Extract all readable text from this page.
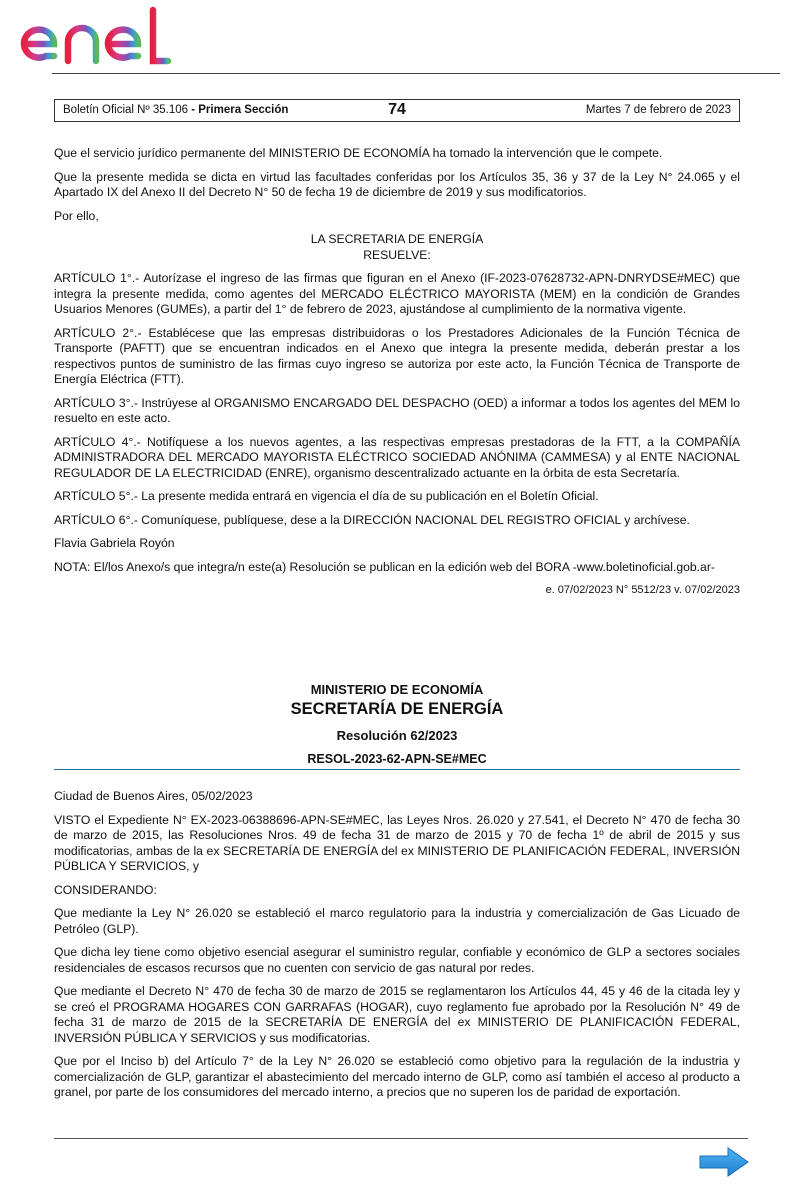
Boletín Oficial Nº 35.106 - Primera Sección	74	Martes 7 de febrero de 2023

Que el servicio jurídico permanente del MINISTERIO DE ECONOMÍA ha tomado la intervención que le compete.

Que la presente medida se dicta en virtud las facultades conferidas por los Artículos 35, 36 y 37 de la Ley N° 24.065 y el Apartado IX del Anexo II del Decreto N° 50 de fecha 19 de diciembre de 2019 y sus modificatorios.

Por ello,

LA SECRETARIA DE ENERGÍA
RESUELVE:

ARTÍCULO 1°.- Autorízase el ingreso de las firmas que figuran en el Anexo (IF-2023-07628732-APN-DNRYDSE#MEC) que integra la presente medida, como agentes del MERCADO ELÉCTRICO MAYORISTA (MEM) en la condición de Grandes Usuarios Menores (GUMEs), a partir del 1° de febrero de 2023, ajustándose al cumplimiento de la normativa vigente.

ARTÍCULO 2°.- Establécese que las empresas distribuidoras o los Prestadores Adicionales de la Función Técnica de Transporte (PAFTT) que se encuentran indicados en el Anexo que integra la presente medida, deberán prestar a los respectivos puntos de suministro de las firmas cuyo ingreso se autoriza por este acto, la Función Técnica de Transporte de Energía Eléctrica (FTT).

ARTÍCULO 3°.- Instrúyese al ORGANISMO ENCARGADO DEL DESPACHO (OED) a informar a todos los agentes del MEM lo resuelto en este acto.

ARTÍCULO 4°.- Notifíquese a los nuevos agentes, a las respectivas empresas prestadoras de la FTT, a la COMPAÑÍA ADMINISTRADORA DEL MERCADO MAYORISTA ELÉCTRICO SOCIEDAD ANÓNIMA (CAMMESA) y al ENTE NACIONAL REGULADOR DE LA ELECTRICIDAD (ENRE), organismo descentralizado actuante en la órbita de esta Secretaría.

ARTÍCULO 5°.- La presente medida entrará en vigencia el día de su publicación en el Boletín Oficial.

ARTÍCULO 6°.- Comuníquese, publíquese, dese a la DIRECCIÓN NACIONAL DEL REGISTRO OFICIAL y archívese.

Flavia Gabriela Royón

NOTA: El/los Anexo/s que integra/n este(a) Resolución se publican en la edición web del BORA -www.boletinoficial.gob.ar-

e. 07/02/2023 N° 5512/23 v. 07/02/2023
MINISTERIO DE ECONOMÍA
SECRETARÍA DE ENERGÍA
Resolución 62/2023
RESOL-2023-62-APN-SE#MEC

Ciudad de Buenos Aires, 05/02/2023

VISTO el Expediente N° EX-2023-06388696-APN-SE#MEC, las Leyes Nros. 26.020 y 27.541, el Decreto N° 470 de fecha 30 de marzo de 2015, las Resoluciones Nros. 49 de fecha 31 de marzo de 2015 y 70 de fecha 1º de abril de 2015 y sus modificatorias, ambas de la ex SECRETARÍA DE ENERGÍA del ex MINISTERIO DE PLANIFICACIÓN FEDERAL, INVERSIÓN PÚBLICA Y SERVICIOS, y

CONSIDERANDO:

Que mediante la Ley N° 26.020 se estableció el marco regulatorio para la industria y comercialización de Gas Licuado de Petróleo (GLP).

Que dicha ley tiene como objetivo esencial asegurar el suministro regular, confiable y económico de GLP a sectores sociales residenciales de escasos recursos que no cuenten con servicio de gas natural por redes.

Que mediante el Decreto N° 470 de fecha 30 de marzo de 2015 se reglamentaron los Artículos 44, 45 y 46 de la citada ley y se creó el PROGRAMA HOGARES CON GARRAFAS (HOGAR), cuyo reglamento fue aprobado por la Resolución N° 49 de fecha 31 de marzo de 2015 de la SECRETARÍA DE ENERGÍA del ex MINISTERIO DE PLANIFICACIÓN FEDERAL, INVERSIÓN PÚBLICA Y SERVICIOS y sus modificatorias.

Que por el Inciso b) del Artículo 7° de la Ley N° 26.020 se estableció como objetivo para la regulación de la industria y comercialización de GLP, garantizar el abastecimiento del mercado interno de GLP, como así también el acceso al producto a granel, por parte de los consumidores del mercado interno, a precios que no superen los de paridad de exportación.
